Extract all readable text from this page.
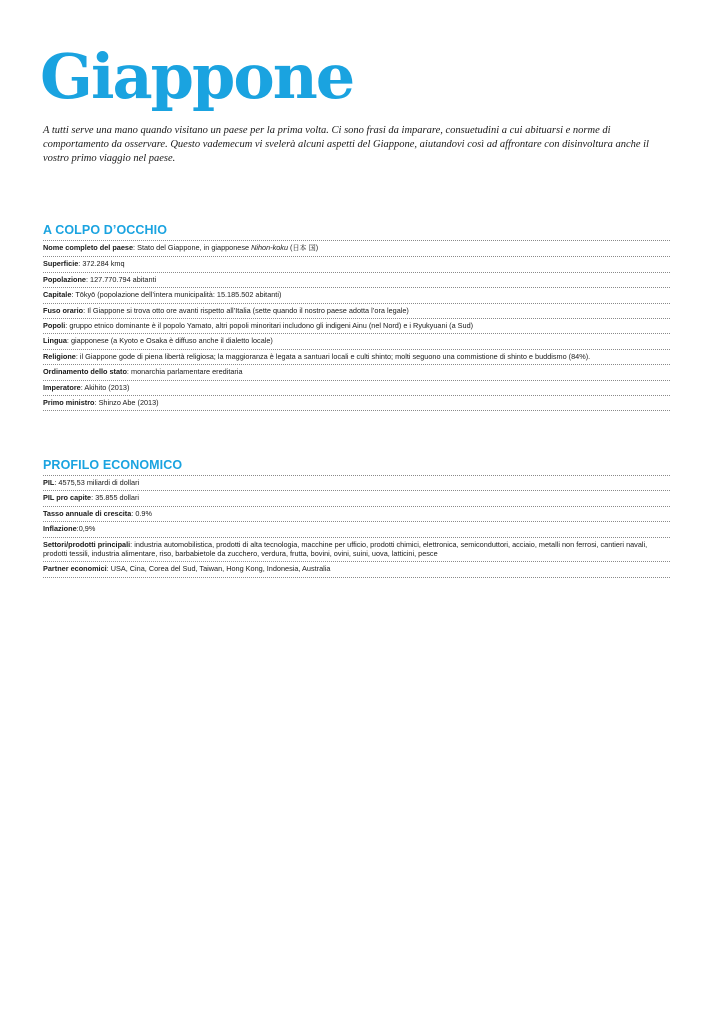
Giappone

A tutti serve una mano quando visitano un paese per la prima volta. Ci sono frasi da imparare, consuetudini a cui abituarsi e norme di comportamento da osservare. Questo vademecum vi svelerà alcuni aspetti del Giappone, aiutandovi così ad affrontare con disinvoltura anche il vostro primo viaggio nel paese.

A COLPO D’OCCHIO
Nome completo del paese: Stato del Giappone, in giapponese Nihon-koku (日本 国)
Superficie: 372.284 kmq
Popolazione: 127.770.794 abitanti
Capitale: Tōkyō (popolazione dell’intera municipalità: 15.185.502 abitanti)
Fuso orario: Il Giappone si trova otto ore avanti rispetto all’Italia (sette quando il nostro paese adotta l’ora legale)
Popoli: gruppo etnico dominante è il popolo Yamato, altri popoli minoritari includono gli indigeni Ainu (nel Nord) e i Ryukyuani (a Sud)
Lingua: giapponese (a Kyoto e Osaka è diffuso anche il dialetto locale)
Religione: il Giappone gode di piena libertà religiosa; la maggioranza è legata a santuari locali e culti shinto; molti seguono una commistione di shinto e buddismo (84%).
Ordinamento dello stato: monarchia parlamentare ereditaria
Imperatore: Akihito (2013)
Primo ministro: Shinzo Abe (2013)
PROFILO ECONOMICO
PIL: 4575,53 miliardi di dollari
PIL pro capite: 35.855 dollari
Tasso annuale di crescita: 0.9%
Inflazione:0,9%
Settori/prodotti principali: industria automobilistica, prodotti di alta tecnologia, macchine per ufficio, prodotti chimici, elettronica, semiconduttori, acciaio, metalli non ferrosi, cantieri navali, prodotti tessili, industria alimentare, riso, barbabietole da zucchero, verdura, frutta, bovini, ovini, suini, uova, latticini, pesce
Partner economici: USA, Cina, Corea del Sud, Taiwan, Hong Kong, Indonesia, Australia
